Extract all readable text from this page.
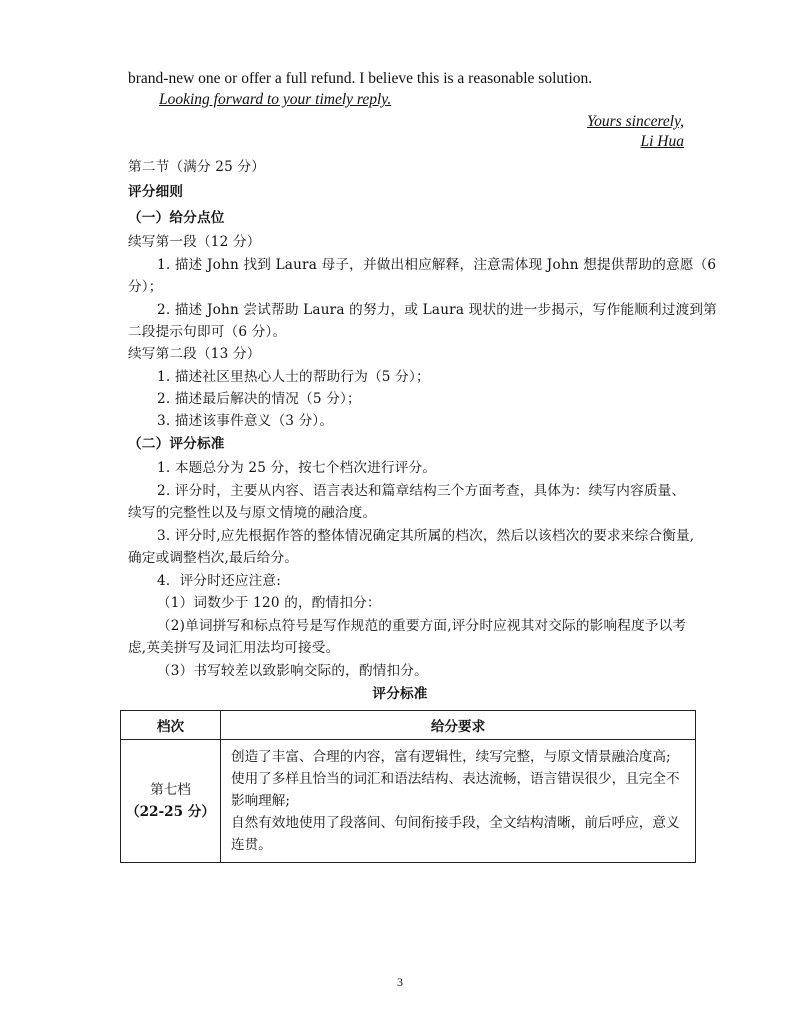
brand-new one or offer a full refund. I believe this is a reasonable solution.
Looking forward to your timely reply.
Yours sincerely,
Li Hua
第二节（满分 25 分）
评分细则
（一）给分点位
续写第一段（12 分）
1. 描述 John 找到 Laura 母子，并做出相应解释，注意需体现 John 想提供帮助的意愿（6
分）；
2. 描述 John 尝试帮助 Laura 的努力，或 Laura 现状的进一步揭示，写作能顺利过渡到第
二段提示句即可（6 分）。
续写第二段（13 分）
1. 描述社区里热心人士的帮助行为（5 分）；
2. 描述最后解决的情况（5 分）；
3. 描述该事件意义（3 分）。
（二）评分标准
1. 本题总分为 25 分，按七个档次进行评分。
2. 评分时，主要从内容、语言表达和篇章结构三个方面考查，具体为：续写内容质量、
续写的完整性以及与原文情境的融洽度。
3. 评分时,应先根据作答的整体情况确定其所属的档次，然后以该档次的要求来综合衡量,
确定或调整档次,最后给分。
4．评分时还应注意:
（1）词数少于 120 的，酌情扣分：
（2)单词拼写和标点符号是写作规范的重要方面,评分时应视其对交际的影响程度予以考
虑,英美拼写及词汇用法均可接受。
（3）书写较差以致影响交际的，酌情扣分。
评分标准
档次	给分要求

第七档
（22-25 分）	创造了丰富、合理的内容，富有逻辑性，续写完整，与原文情景融洽度高;
使用了多样且恰当的词汇和语法结构、表达流畅，语言错误很少，且完全不
影响理解;
自然有效地使用了段落间、句间衔接手段，全文结构清晰，前后呼应，意义
连贯。
3
